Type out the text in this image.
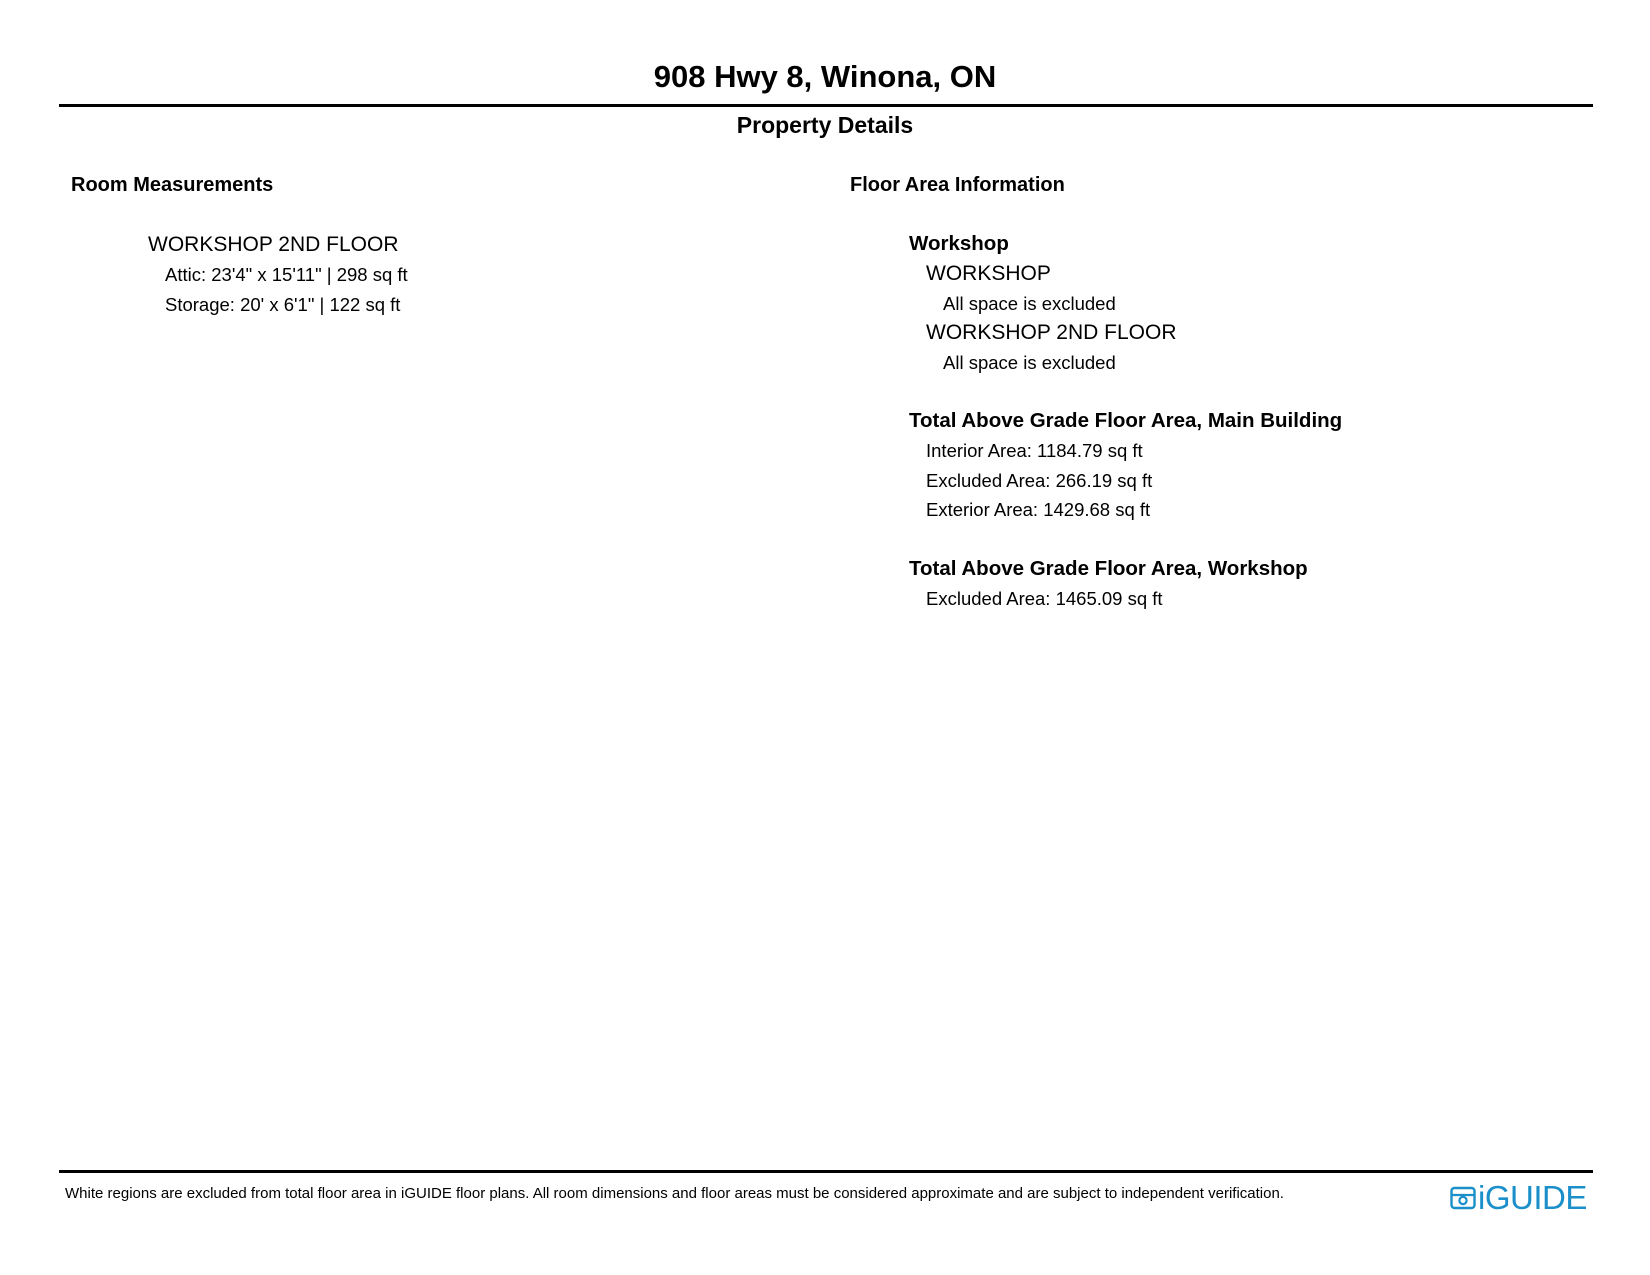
908 Hwy 8, Winona, ON
Property Details
Room Measurements
WORKSHOP 2ND FLOOR
Attic: 23'4" x 15'11" | 298 sq ft
Storage: 20' x 6'1" | 122 sq ft
Floor Area Information
Workshop
WORKSHOP
All space is excluded
WORKSHOP 2ND FLOOR
All space is excluded
Total Above Grade Floor Area, Main Building
Interior Area: 1184.79 sq ft
Excluded Area: 266.19 sq ft
Exterior Area: 1429.68 sq ft
Total Above Grade Floor Area, Workshop
Excluded Area: 1465.09 sq ft
White regions are excluded from total floor area in iGUIDE floor plans. All room dimensions and floor areas must be considered approximate and are subject to independent verification.	iGUIDE
